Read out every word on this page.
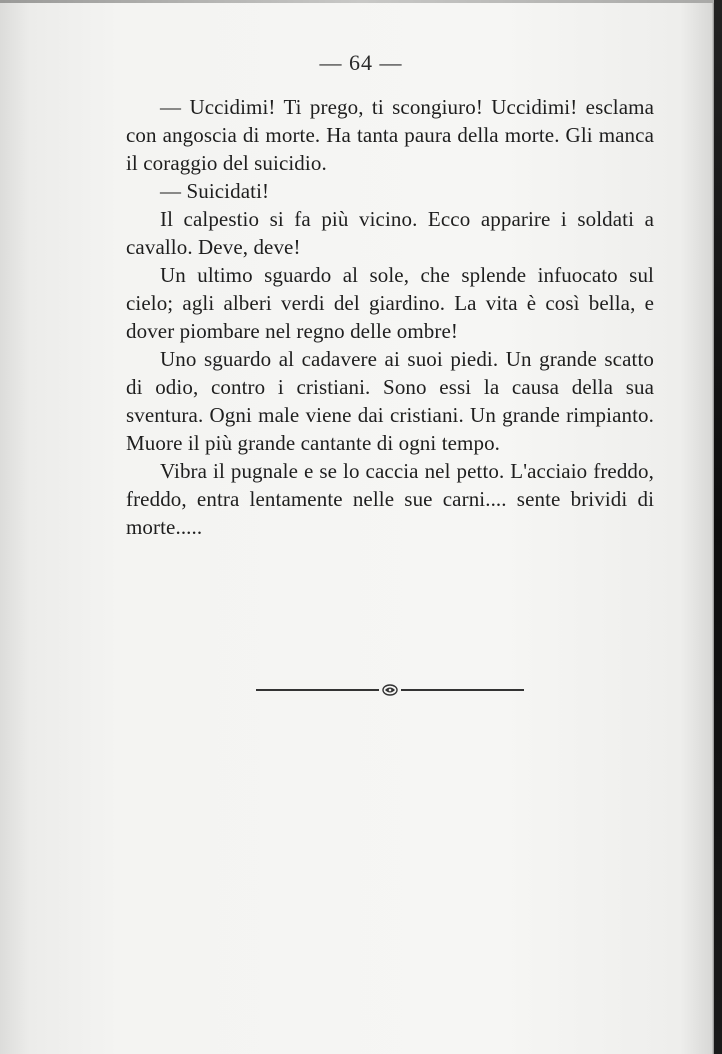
— 64 —

— Uccidimi! Ti prego, ti scongiuro! Uccidimi! esclama con angoscia di morte. Ha tanta paura della morte. Gli manca il coraggio del suicidio.

— Suicidati!

Il calpestio si fa più vicino. Ecco apparire i soldati a cavallo. Deve, deve!

Un ultimo sguardo al sole, che splende infuocato sul cielo; agli alberi verdi del giardino. La vita è così bella, e dover piombare nel regno delle ombre!

Uno sguardo al cadavere ai suoi piedi. Un grande scatto di odio, contro i cristiani. Sono essi la causa della sua sventura. Ogni male viene dai cristiani. Un grande rimpianto. Muore il più grande cantante di ogni tempo.

Vibra il pugnale e se lo caccia nel petto. L'acciaio freddo, freddo, entra lentamente nelle sue carni.... sente brividi di morte.....
